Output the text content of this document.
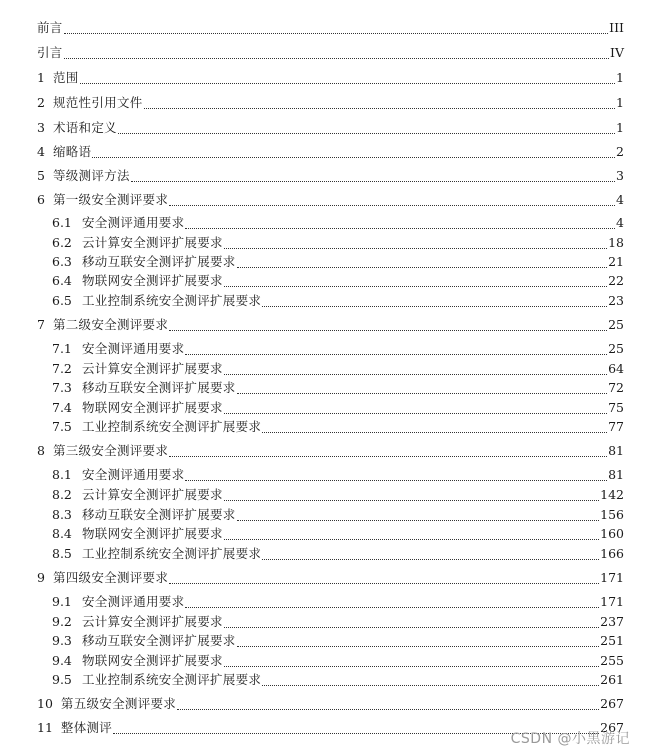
前言	III
引言	IV
1 范围	1
2 规范性引用文件	1
3 术语和定义	1
4 缩略语	2
5 等级测评方法	3
6 第一级安全测评要求	4
6.1 安全测评通用要求	4
6.2 云计算安全测评扩展要求	18
6.3 移动互联安全测评扩展要求	21
6.4 物联网安全测评扩展要求	22
6.5 工业控制系统安全测评扩展要求	23
7 第二级安全测评要求	25
7.1 安全测评通用要求	25
7.2 云计算安全测评扩展要求	64
7.3 移动互联安全测评扩展要求	72
7.4 物联网安全测评扩展要求	75
7.5 工业控制系统安全测评扩展要求	77
8 第三级安全测评要求	81
8.1 安全测评通用要求	81
8.2 云计算安全测评扩展要求	142
8.3 移动互联安全测评扩展要求	156
8.4 物联网安全测评扩展要求	160
8.5 工业控制系统安全测评扩展要求	166
9 第四级安全测评要求	171
9.1 安全测评通用要求	171
9.2 云计算安全测评扩展要求	237
9.3 移动互联安全测评扩展要求	251
9.4 物联网安全测评扩展要求	255
9.5 工业控制系统安全测评扩展要求	261
10 第五级安全测评要求	267
11 整体测评	267
CSDN @小黑游记
